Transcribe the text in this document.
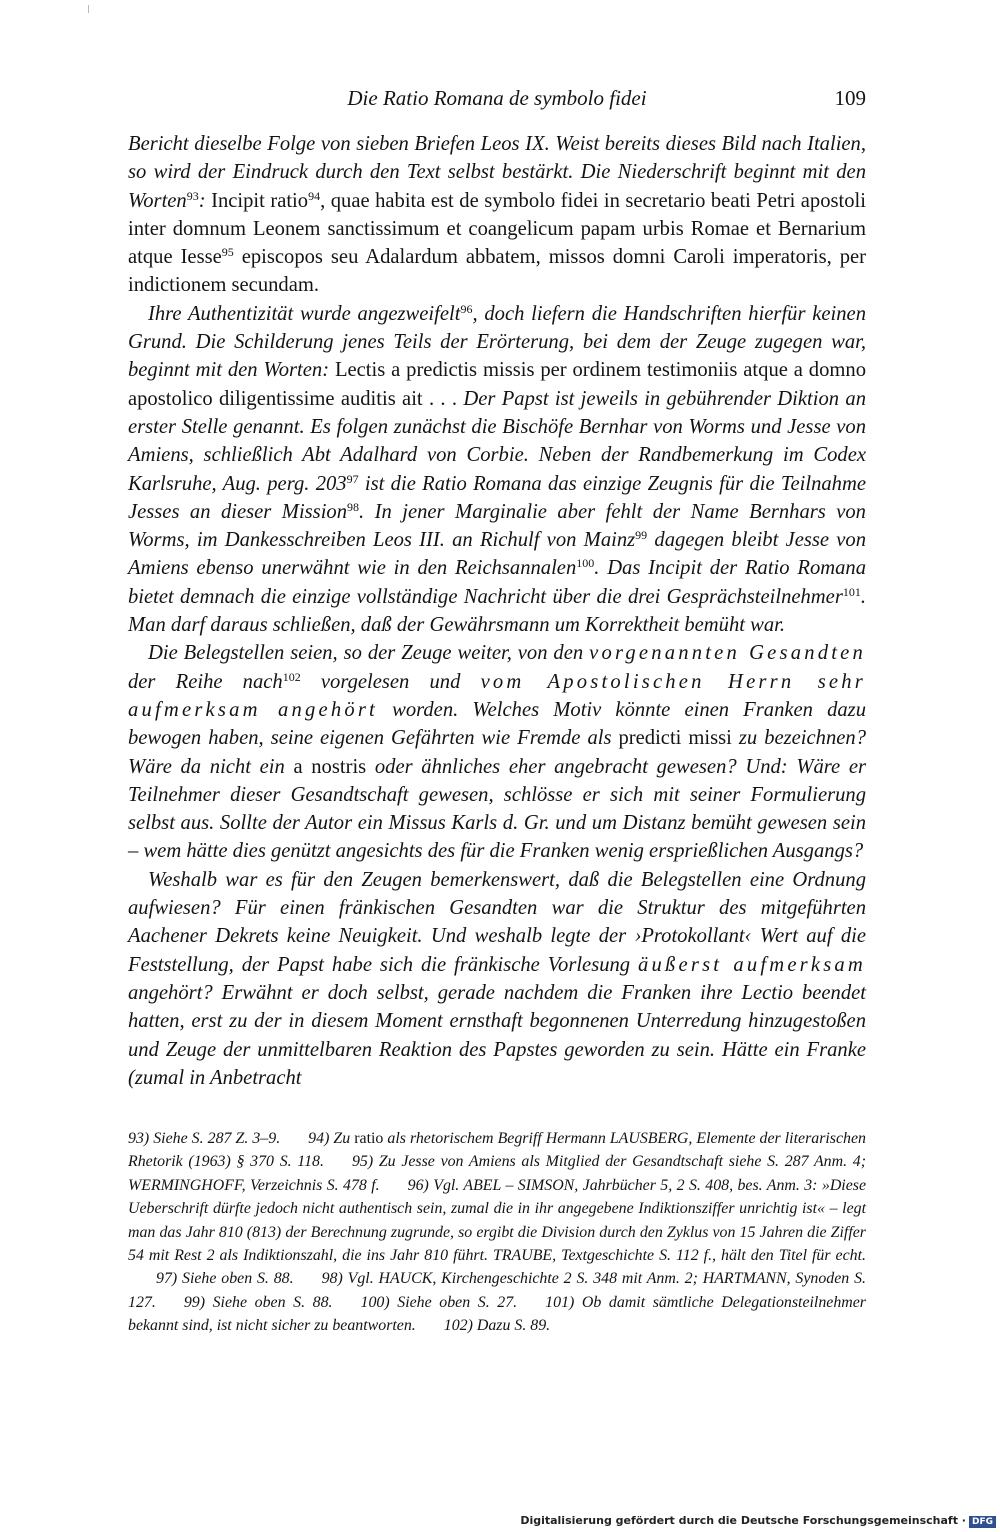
Die Ratio Romana de symbolo fidei	109

Bericht dieselbe Folge von sieben Briefen Leos IX. Weist bereits dieses Bild nach Italien, so wird der Eindruck durch den Text selbst bestärkt. Die Niederschrift beginnt mit den Worten$^{93}$: Incipit ratio$^{94}$, quae habita est de symbolo fidei in secretario beati Petri apostoli inter domnum Leonem sanctissimum et coangelicum papam urbis Romae et Bernarium atque Iesse$^{95}$ episcopos seu Adalardum abbatem, missos domni Caroli imperatoris, per indictionem secundam.

Ihre Authentizität wurde angezweifelt$^{96}$, doch liefern die Handschriften hierfür keinen Grund. Die Schilderung jenes Teils der Erörterung, bei dem der Zeuge zugegen war, beginnt mit den Worten: Lectis a predictis missis per ordinem testimoniis atque a domno apostolico diligentissime auditis ait . . . Der Papst ist jeweils in gebührender Diktion an erster Stelle genannt. Es folgen zunächst die Bischöfe Bernhar von Worms und Jesse von Amiens, schließlich Abt Adalhard von Corbie. Neben der Randbemerkung im Codex Karlsruhe, Aug. perg. $203^{97}$ ist die Ratio Romana das einzige Zeugnis für die Teilnahme Jesses an dieser Mission$^{98}$. In jener Marginalie aber fehlt der Name Bernhars von Worms, im Dankesschreiben Leos III. an Richulf von Mainz$^{99}$ dagegen bleibt Jesse von Amiens ebenso unerwähnt wie in den Reichsannalen$^{100}$. Das Incipit der Ratio Romana bietet demnach die einzige vollständige Nachricht über die drei Gesprächsteilnehmer$^{101}$. Man darf daraus schließen, daß der Gewährsmann um Korrektheit bemüht war.

Die Belegstellen seien, so der Zeuge weiter, von den vorgenannten Gesandten der Reihe nach$^{102}$ vorgelesen und vom Apostolischen Herrn sehr aufmerksam angehört worden. Welches Motiv könnte einen Franken dazu bewogen haben, seine eigenen Gefährten wie Fremde als predicti missi zu bezeichnen? Wäre da nicht ein a nostris oder ähnliches eher angebracht gewesen? Und: Wäre er Teilnehmer dieser Gesandtschaft gewesen, schlösse er sich mit seiner Formulierung selbst aus. Sollte der Autor ein Missus Karls d. Gr. und um Distanz bemüht gewesen sein – wem hätte dies genützt angesichts des für die Franken wenig ersprießlichen Ausgangs?

Weshalb war es für den Zeugen bemerkenswert, daß die Belegstellen eine Ordnung aufwiesen? Für einen fränkischen Gesandten war die Struktur des mitgeführten Aachener Dekrets keine Neuigkeit. Und weshalb legte der ›Protokollant‹ Wert auf die Feststellung, der Papst habe sich die fränkische Vorlesung äußerst aufmerksam angehört? Erwähnt er doch selbst, gerade nachdem die Franken ihre Lectio beendet hatten, erst zu der in diesem Moment ernsthaft begonnenen Unterredung hinzugestoßen und Zeuge der unmittelbaren Reaktion des Papstes geworden zu sein. Hätte ein Franke (zumal in Anbetracht

93) Siehe S. 287 Z. 3–9. 94) Zu ratio als rhetorischem Begriff Hermann LAUSBERG, Elemente der literarischen Rhetorik (1963) § 370 S. 118. 95) Zu Jesse von Amiens als Mitglied der Gesandtschaft siehe S. 287 Anm. 4; WERMINGHOFF, Verzeichnis S. 478 f. 96) Vgl. ABEL – SIMSON, Jahrbücher 5, 2 S. 408, bes. Anm. 3: »Diese Ueberschrift dürfte jedoch nicht authentisch sein, zumal die in ihr angegebene Indiktionsziffer unrichtig ist« – legt man das Jahr 810 (813) der Berechnung zugrunde, so ergibt die Division durch den Zyklus von 15 Jahren die Ziffer 54 mit Rest 2 als Indiktionszahl, die ins Jahr 810 führt. TRAUBE, Textgeschichte S. 112 f., hält den Titel für echt.97) Siehe oben S. 88. 98) Vgl. HAUCK, Kirchengeschichte 2 S. 348 mit Anm. 2; HARTMANN, Synoden S. 127. 99) Siehe oben S. 88. 100) Siehe oben S. 27. 101) Ob damit sämtliche Delegationsteilnehmer bekannt sind, ist nicht sicher zu beantworten. 102) Dazu S. 89.

Digitalisierung gefördert durch die Deutsche Forschungsgemeinschaft · DFG
